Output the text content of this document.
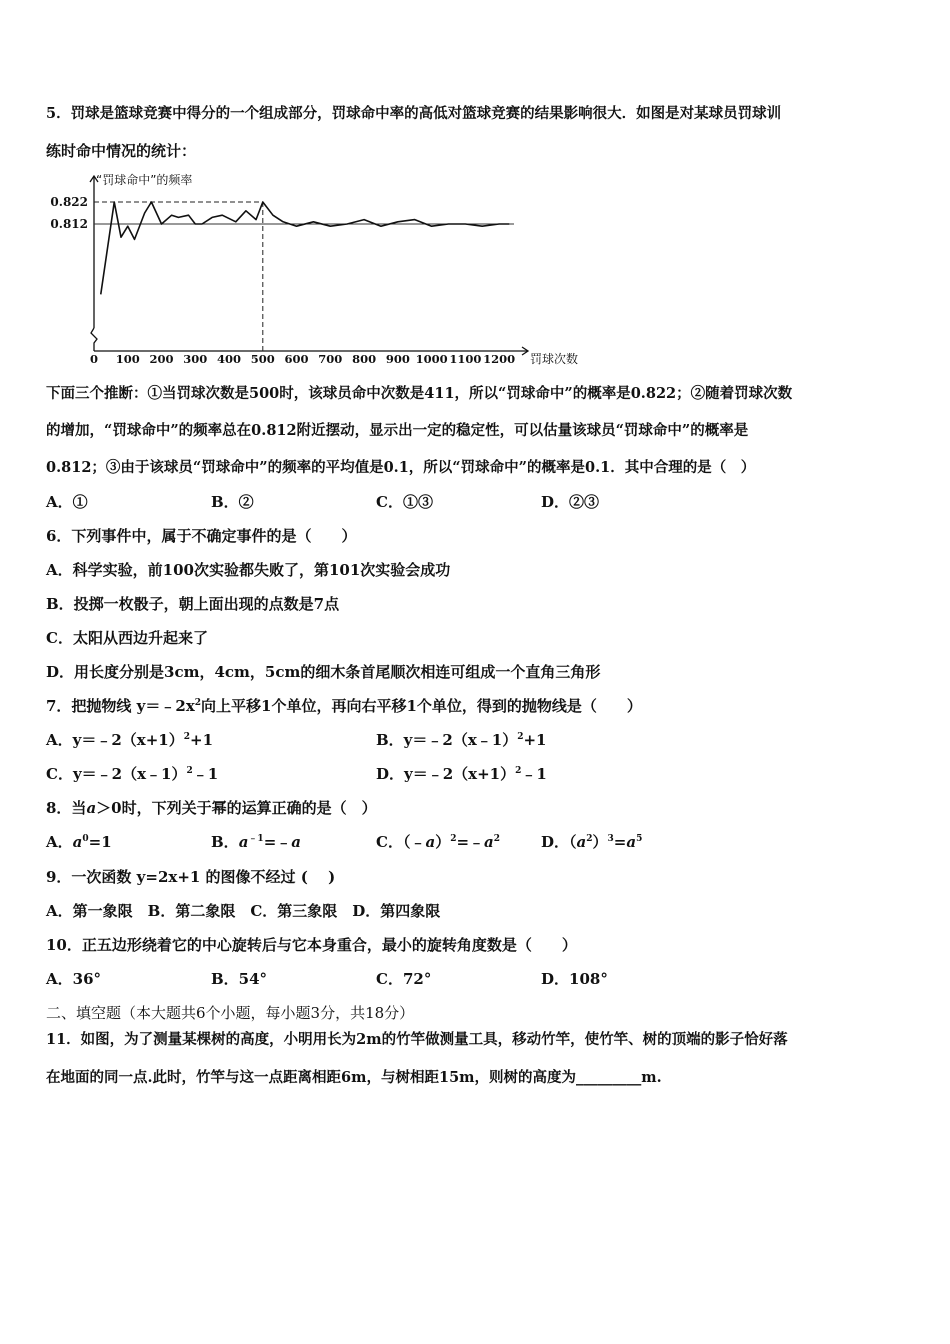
5．罚球是篮球竞赛中得分的一个组成部分，罚球命中率的高低对篮球竞赛的结果影响很大．如图是对某球员罚球训
练时命中情况的统计：
0.822
0.812
0 100 200 300 400 500 600 700 800 900 1000 1100 1200
“罚球命中”的频率
罚球次数
下面三个推断：①当罚球次数是500时，该球员命中次数是411，所以“罚球命中”的概率是0.822；②随着罚球次数
的增加，“罚球命中”的频率总在0.812附近摆动，显示出一定的稳定性，可以估量该球员“罚球命中”的概率是
0.812；③由于该球员“罚球命中”的频率的平均值是0.1，所以“罚球命中”的概率是0.1．其中合理的是（　）
A．①	B．②	C．①③	D．②③
6．下列事件中，属于不确定事件的是（　　）
A．科学实验，前100次实验都失败了，第101次实验会成功
B．投掷一枚骰子，朝上面出现的点数是7点
C．太阳从西边升起来了
D．用长度分别是3cm，4cm，5cm的细木条首尾顺次相连可组成一个直角三角形
7．把抛物线 $y=﹣2x^2$向上平移1个单位，再向右平移1个单位，得到的抛物线是（　　）
A．$y=﹣2(x+1)^2+1$	B．y＝﹣2（x﹣1）$^2$+1
C．y＝﹣2（x﹣1）$^2$﹣1	D．$y=﹣2(x+1)^2﹣1$
8．当a＞0时，下列关于幂的运算正确的是（　）
A．$a^0=1$	B．$a^{﹣1}=﹣a$	C．$(﹣a)^2=﹣a^2$	D．$(a^2)^3=a^5$
9．一次函数 y=2x+1 的图像不经过 (　 )
A．第一象限　B．第二象限　C．第三象限　D．第四象限
10．正五边形绕着它的中心旋转后与它本身重合，最小的旋转角度数是（　　）
A．36°	B．54°	C．72°	D．108°
二、填空题（本大题共6个小题，每小题3分，共18分）
11．如图，为了测量某棵树的高度，小明用长为2m的竹竿做测量工具，移动竹竿，使竹竿、树的顶端的影子恰好落
在地面的同一点.此时，竹竿与这一点距离相距6m，与树相距15m，则树的高度为_________m.
